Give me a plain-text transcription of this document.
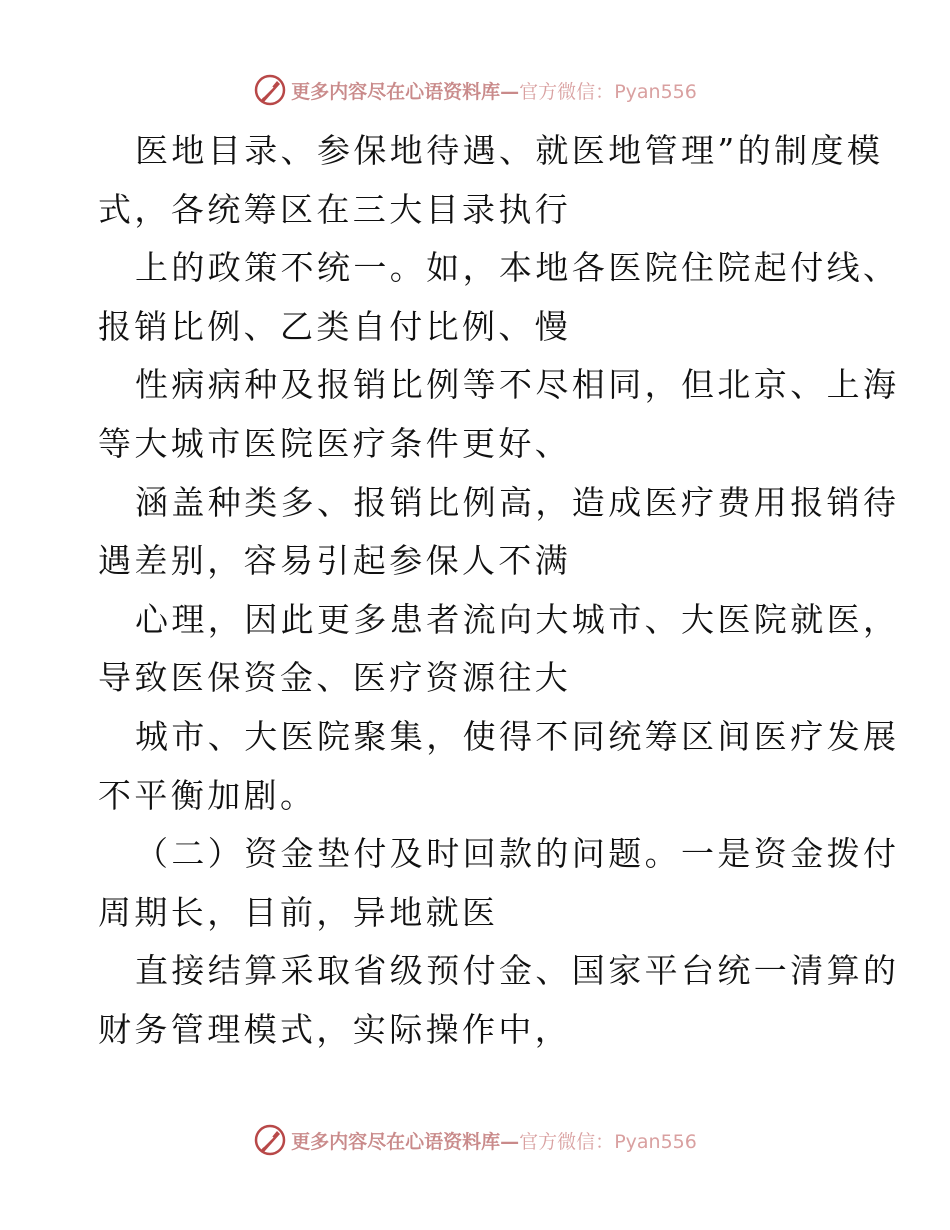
更多内容尽在心语资料库—官方微信：Pyan556
医地目录、参保地待遇、就医地管理”的制度模
式，各统筹区在三大目录执行
上的政策不统一。如，本地各医院住院起付线、
报销比例、乙类自付比例、慢
性病病种及报销比例等不尽相同，但北京、上海
等大城市医院医疗条件更好、
涵盖种类多、报销比例高，造成医疗费用报销待
遇差别，容易引起参保人不满
心理，因此更多患者流向大城市、大医院就医，
导致医保资金、医疗资源往大
城市、大医院聚集，使得不同统筹区间医疗发展
不平衡加剧。
（二）资金垫付及时回款的问题。一是资金拨付
周期长，目前，异地就医
直接结算采取省级预付金、国家平台统一清算的
财务管理模式，实际操作中，
更多内容尽在心语资料库—官方微信：Pyan556
